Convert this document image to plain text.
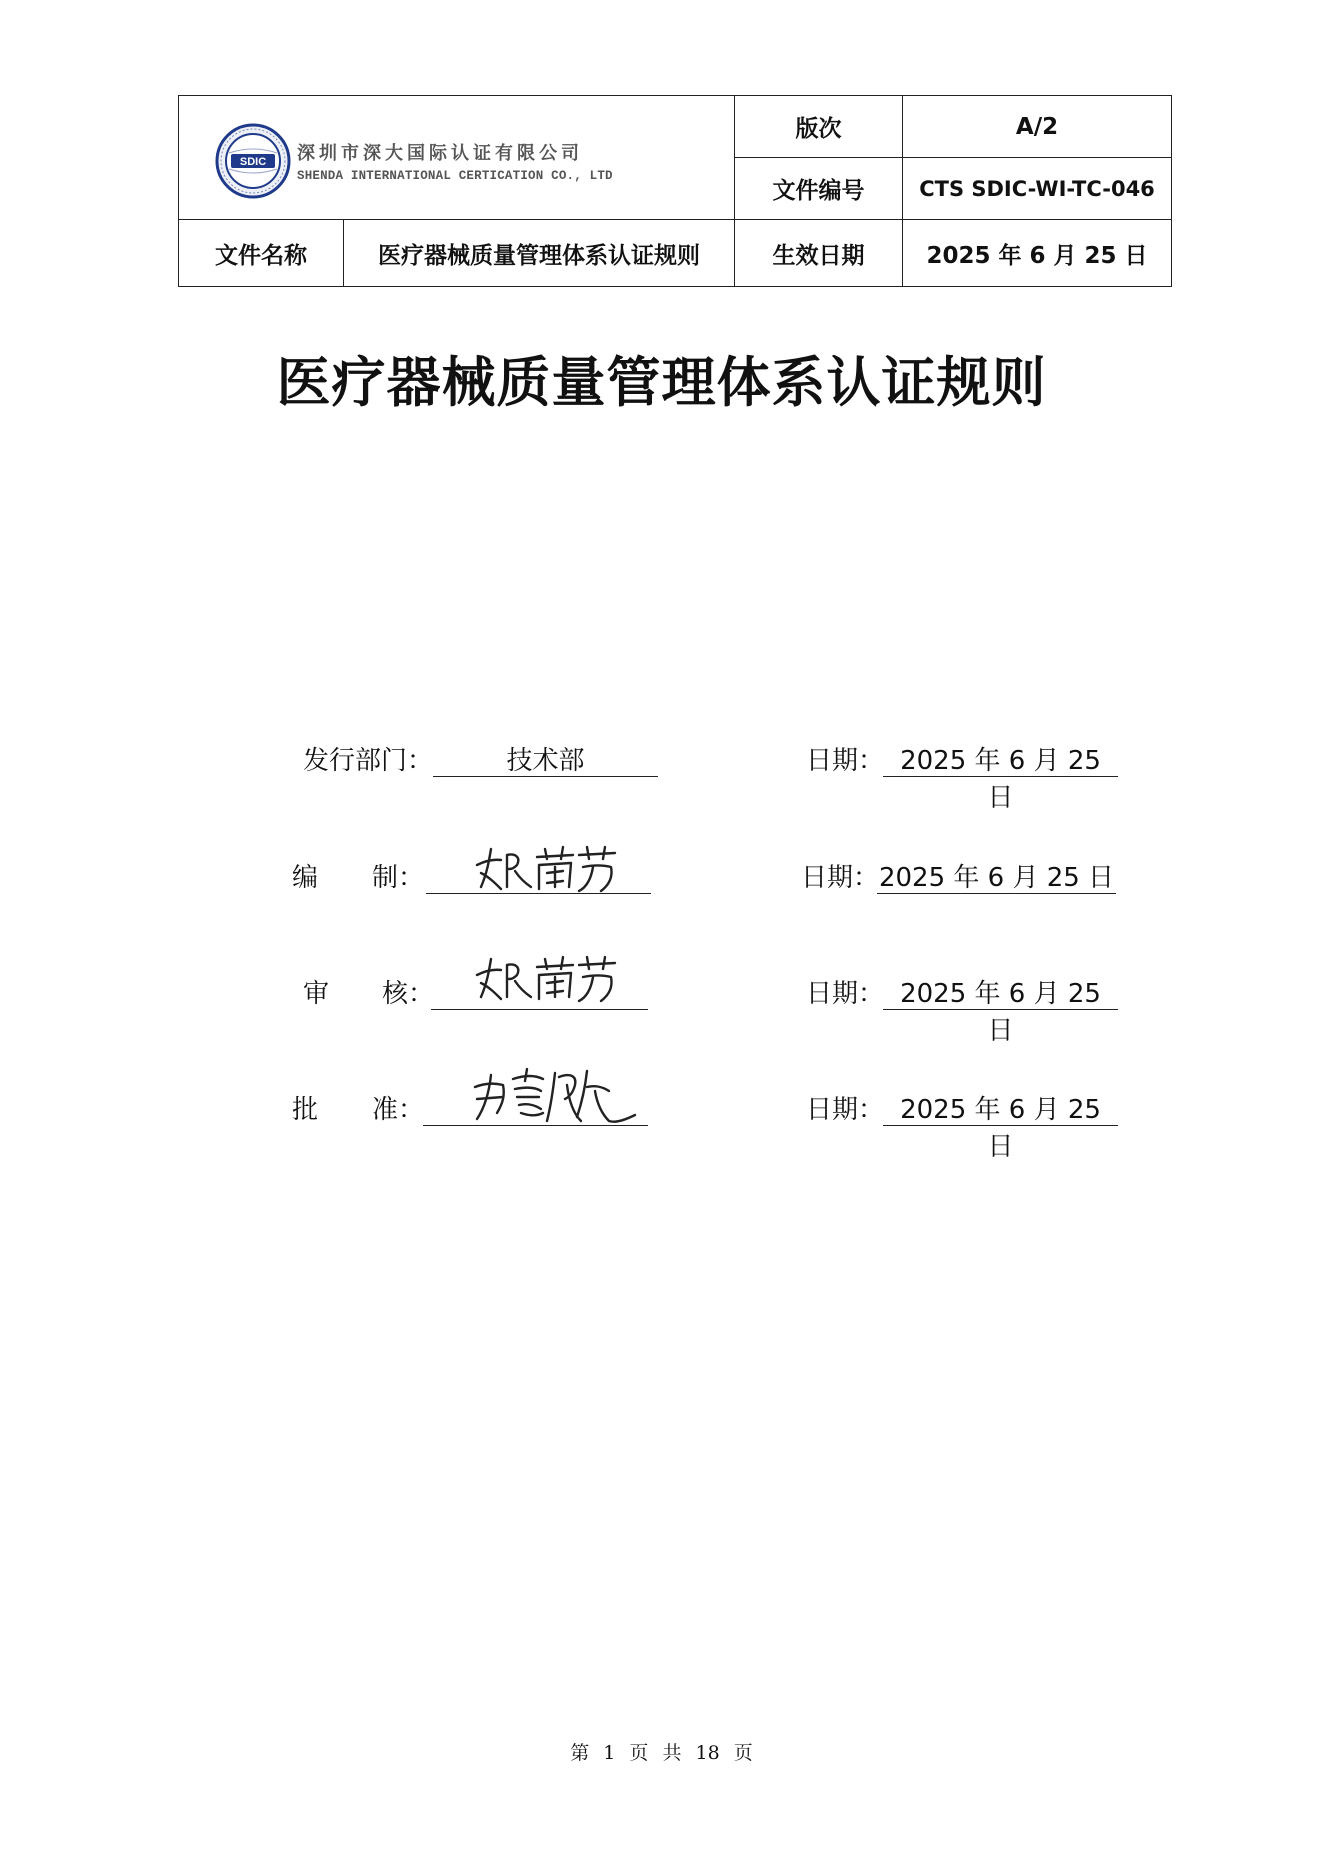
SDIC 深圳市深大国际认证有限公司
SHENDA INTERNATIONAL CERTICATION CO., LTD		版次	A/2
		文件编号	CTS SDIC-WI-TC-046
文件名称	医疗器械质量管理体系认证规则	生效日期	2025 年 6 月 25 日
医疗器械质量管理体系认证规则
发行部门：	技术部	日期： 2025 年 6 月 25 日
编 制：	日期： 2025 年 6 月 25 日
审 核：	日期： 2025 年 6 月 25 日
批 准：	日期： 2025 年 6 月 25 日
第 1 页 共 18 页
